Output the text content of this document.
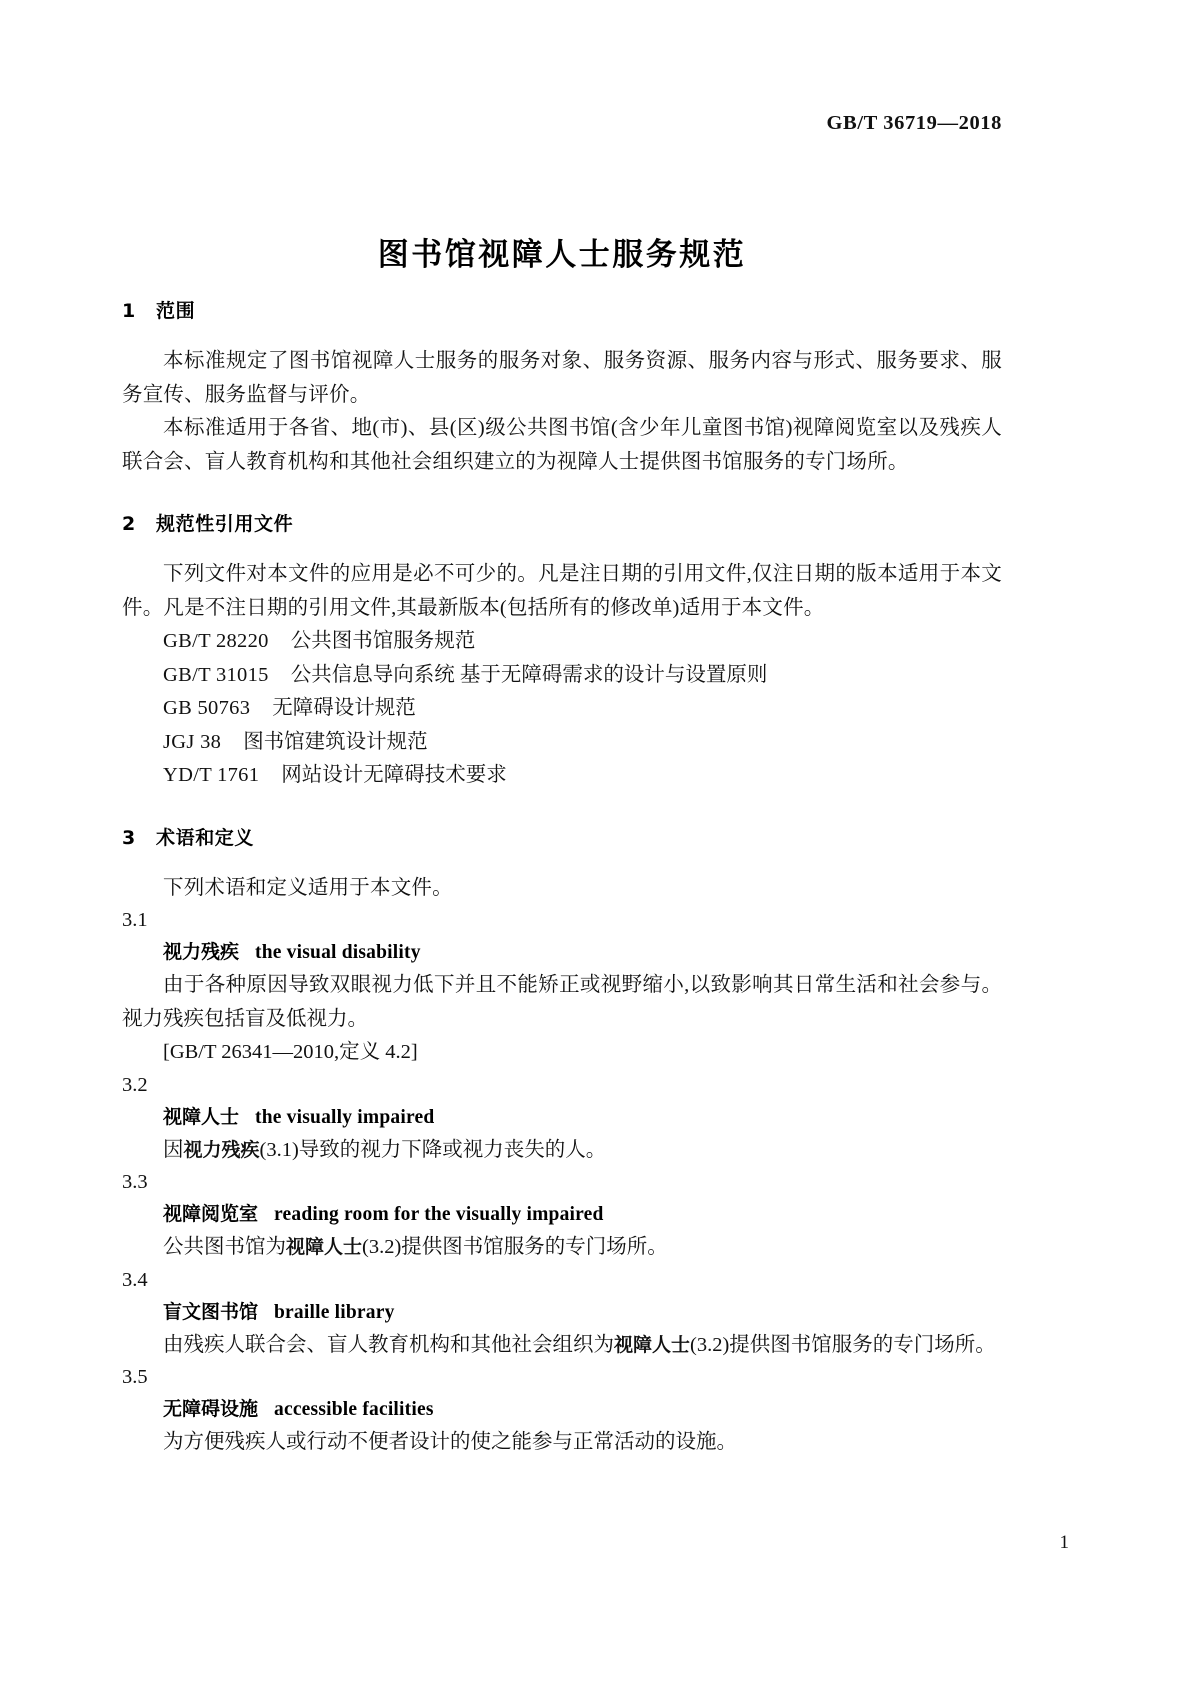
GB/T 36719—2018
图书馆视障人士服务规范
1 范围

本标准规定了图书馆视障人士服务的服务对象、服务资源、服务内容与形式、服务要求、服务宣传、服务监督与评价。

本标准适用于各省、地(市)、县(区)级公共图书馆(含少年儿童图书馆)视障阅览室以及残疾人联合会、盲人教育机构和其他社会组织建立的为视障人士提供图书馆服务的专门场所。

2 规范性引用文件

下列文件对本文件的应用是必不可少的。凡是注日期的引用文件,仅注日期的版本适用于本文件。凡是不注日期的引用文件,其最新版本(包括所有的修改单)适用于本文件。

GB/T 28220 公共图书馆服务规范

GB/T 31015 公共信息导向系统 基于无障碍需求的设计与设置原则

GB 50763 无障碍设计规范

JGJ 38 图书馆建筑设计规范

YD/T 1761 网站设计无障碍技术要求

3 术语和定义

下列术语和定义适用于本文件。

3.1

视力残疾 the visual disability

由于各种原因导致双眼视力低下并且不能矫正或视野缩小,以致影响其日常生活和社会参与。视力残疾包括盲及低视力。

[GB/T 26341—2010,定义 4.2]

3.2

视障人士 the visually impaired

因视力残疾(3.1)导致的视力下降或视力丧失的人。

3.3

视障阅览室 reading room for the visually impaired

公共图书馆为视障人士(3.2)提供图书馆服务的专门场所。

3.4

盲文图书馆 braille library

由残疾人联合会、盲人教育机构和其他社会组织为视障人士(3.2)提供图书馆服务的专门场所。

3.5

无障碍设施 accessible facilities

为方便残疾人或行动不便者设计的使之能参与正常活动的设施。

1
